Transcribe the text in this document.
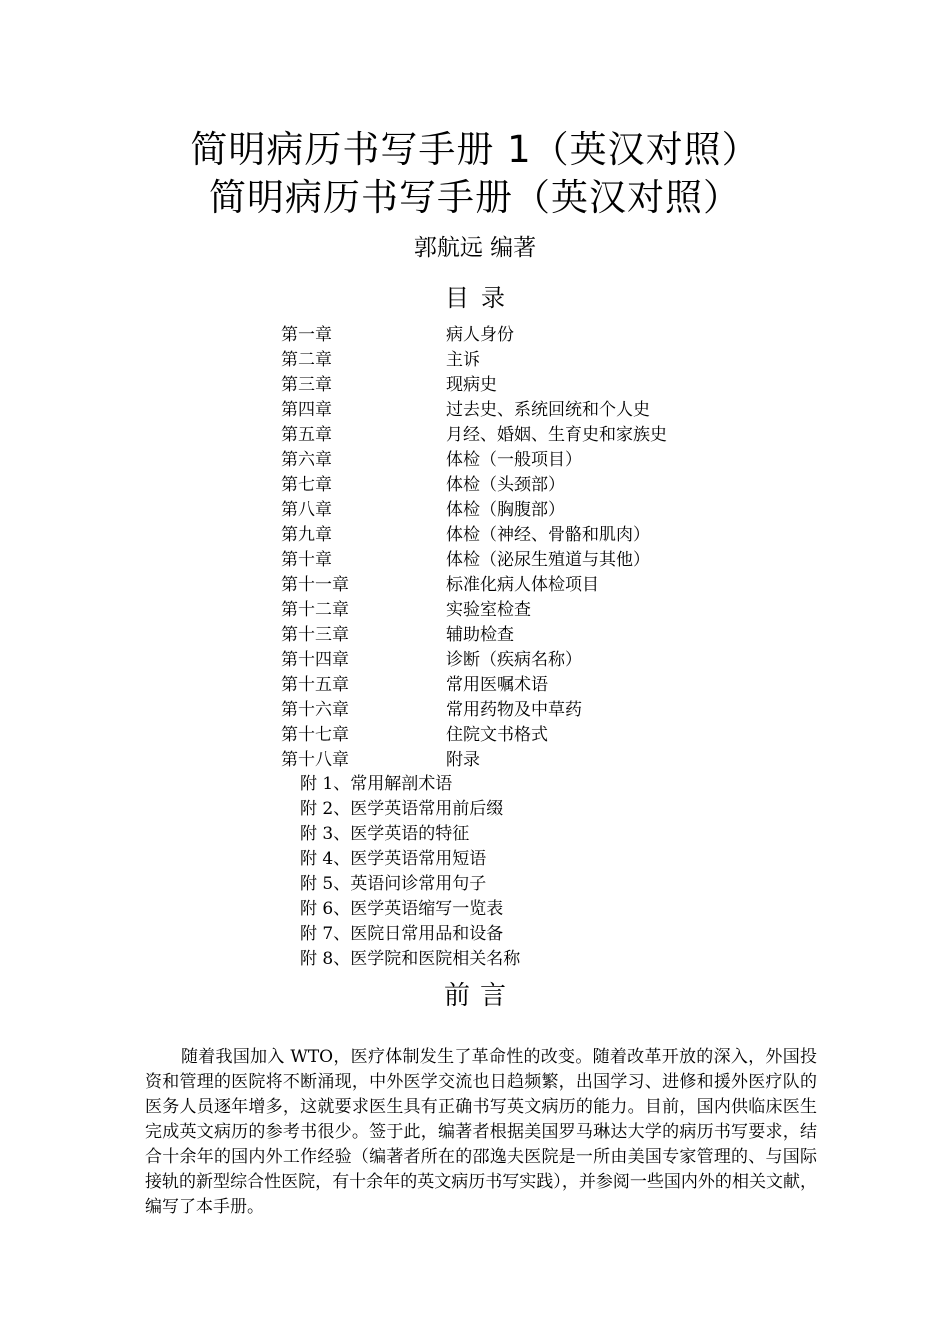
简明病历书写手册 1（英汉对照）
简明病历书写手册（英汉对照）
郭航远 编著
目录
第一章	病人身份
第二章	主诉
第三章	现病史
第四章	过去史、系统回统和个人史
第五章	月经、婚姻、生育史和家族史
第六章	体检（一般项目）
第七章	体检（头颈部）
第八章	体检（胸腹部）
第九章	体检（神经、骨骼和肌肉）
第十章	体检（泌尿生殖道与其他）
第十一章	标准化病人体检项目
第十二章	实验室检查
第十三章	辅助检查
第十四章	诊断（疾病名称）
第十五章	常用医嘱术语
第十六章	常用药物及中草药
第十七章	住院文书格式
第十八章	附录
附 1、常用解剖术语
附 2、医学英语常用前后缀
附 3、医学英语的特征
附 4、医学英语常用短语
附 5、英语问诊常用句子
附 6、医学英语缩写一览表
附 7、医院日常用品和设备
附 8、医学院和医院相关名称
前言

随着我国加入 WTO，医疗体制发生了革命性的改变。随着改革开放的深入，外国投资和管理的医院将不断涌现，中外医学交流也日趋频繁，出国学习、进修和援外医疗队的医务人员逐年增多，这就要求医生具有正确书写英文病历的能力。目前，国内供临床医生完成英文病历的参考书很少。签于此，编著者根据美国罗马琳达大学的病历书写要求，结合十余年的国内外工作经验（编著者所在的邵逸夫医院是一所由美国专家管理的、与国际接轨的新型综合性医院，有十余年的英文病历书写实践），并参阅一些国内外的相关文献，编写了本手册。
